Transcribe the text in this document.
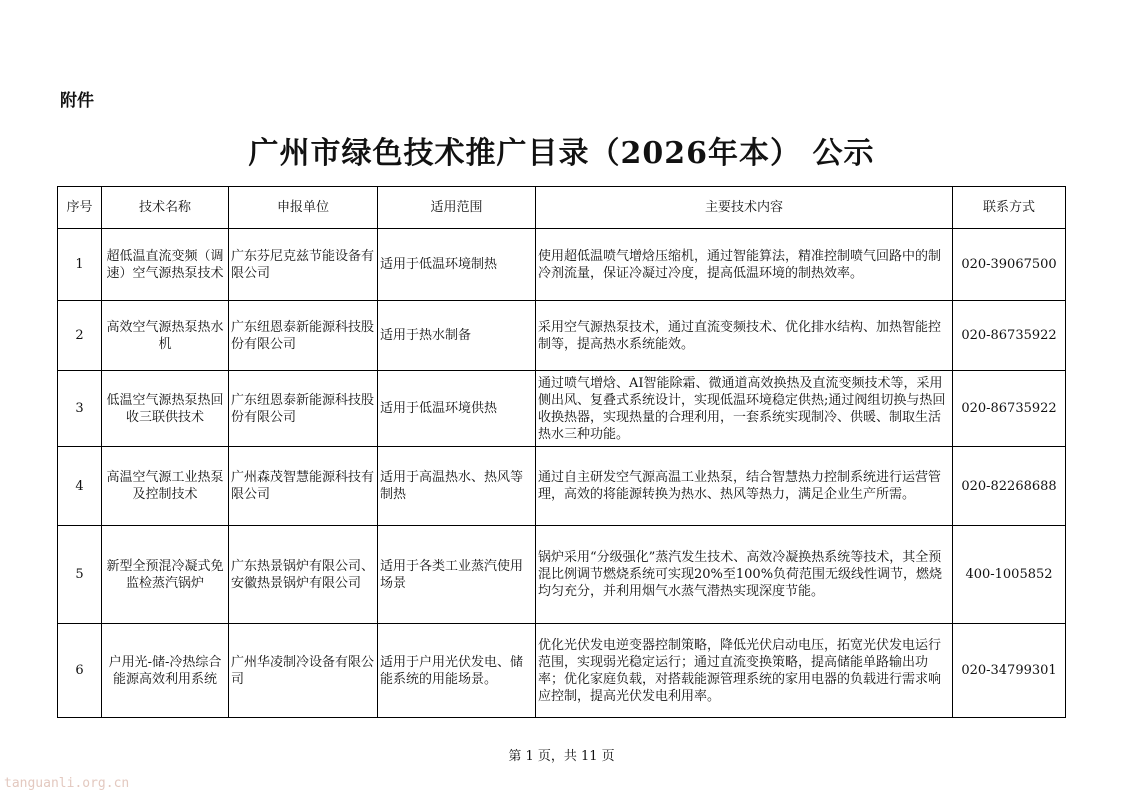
附件
广州市绿色技术推广目录（2026年本） 公示
序号	技术名称	申报单位	适用范围	主要技术内容	联系方式
1	超低温直流变频（调速）空气源热泵技术	广东芬尼克兹节能设备有限公司	适用于低温环境制热	使用超低温喷气增焓压缩机，通过智能算法，精准控制喷气回路中的制冷剂流量，保证冷凝过冷度，提高低温环境的制热效率。	020-39067500
2	高效空气源热泵热水机	广东纽恩泰新能源科技股份有限公司	适用于热水制备	采用空气源热泵技术，通过直流变频技术、优化排水结构、加热智能控制等，提高热水系统能效。	020-86735922
3	低温空气源热泵热回收三联供技术	广东纽恩泰新能源科技股份有限公司	适用于低温环境供热	通过喷气增焓、AI智能除霜、微通道高效换热及直流变频技术等，采用侧出风、复叠式系统设计，实现低温环境稳定供热;通过阀组切换与热回收换热器，实现热量的合理利用，一套系统实现制冷、供暖、制取生活热水三种功能。	020-86735922
4	高温空气源工业热泵及控制技术	广州森茂智慧能源科技有限公司	适用于高温热水、热风等制热	通过自主研发空气源高温工业热泵，结合智慧热力控制系统进行运营管理，高效的将能源转换为热水、热风等热力，满足企业生产所需。	020-82268688
5	新型全预混冷凝式免监检蒸汽锅炉	广东热景锅炉有限公司、安徽热景锅炉有限公司	适用于各类工业蒸汽使用场景	锅炉采用“分级强化”蒸汽发生技术、高效冷凝换热系统等技术，其全预混比例调节燃烧系统可实现20%至100%负荷范围无级线性调节，燃烧均匀充分，并利用烟气水蒸气潜热实现深度节能。	400-1005852
6	户用光-储-冷热综合能源高效利用系统	广州华凌制冷设备有限公司	适用于户用光伏发电、储能系统的用能场景。	优化光伏发电逆变器控制策略，降低光伏启动电压，拓宽光伏发电运行范围，实现弱光稳定运行；通过直流变换策略，提高储能单路输出功率；优化家庭负载，对搭载能源管理系统的家用电器的负载进行需求响应控制，提高光伏发电利用率。	020-34799301
第 1 页，共 11 页
tanguanli.org.cn
